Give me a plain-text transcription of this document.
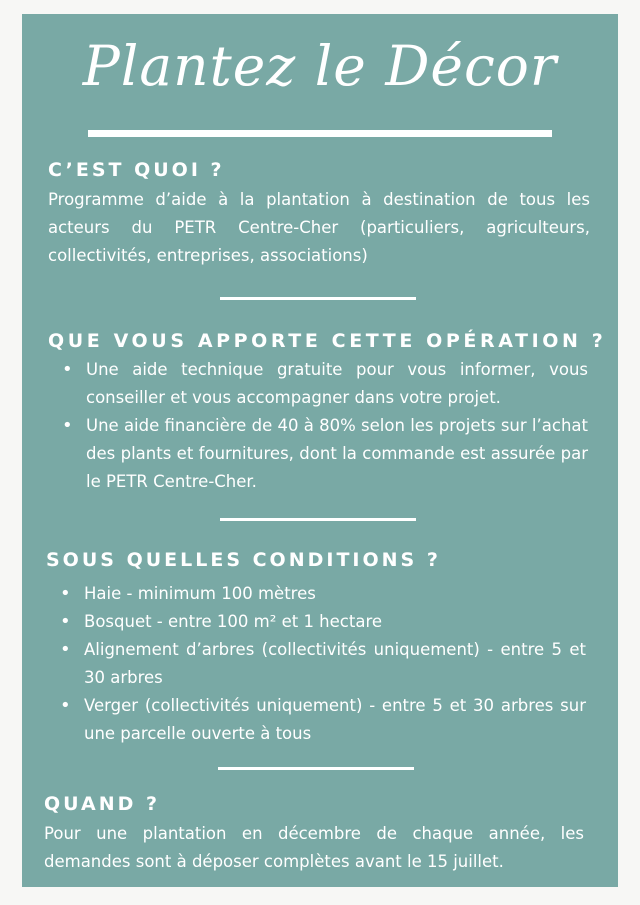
Plantez le Décor
C’EST QUOI ?
Programme d’aide à la plantation à destination de tous les acteurs du PETR Centre-Cher (particuliers, agriculteurs, collectivités, entreprises, associations)
QUE VOUS APPORTE CETTE OPÉRATION ?
• Une aide technique gratuite pour vous informer, vous conseiller et vous accompagner dans votre projet.
• Une aide financière de 40 à 80% selon les projets sur l’achat des plants et fournitures, dont la commande est assurée par le PETR Centre-Cher.
SOUS QUELLES CONDITIONS ?
• Haie - minimum 100 mètres
• Bosquet - entre 100 m² et 1 hectare
• Alignement d’arbres (collectivités uniquement) - entre 5 et 30 arbres
• Verger (collectivités uniquement) - entre 5 et 30 arbres sur une parcelle ouverte à tous
QUAND ?
Pour une plantation en décembre de chaque année, les demandes sont à déposer complètes avant le 15 juillet.
